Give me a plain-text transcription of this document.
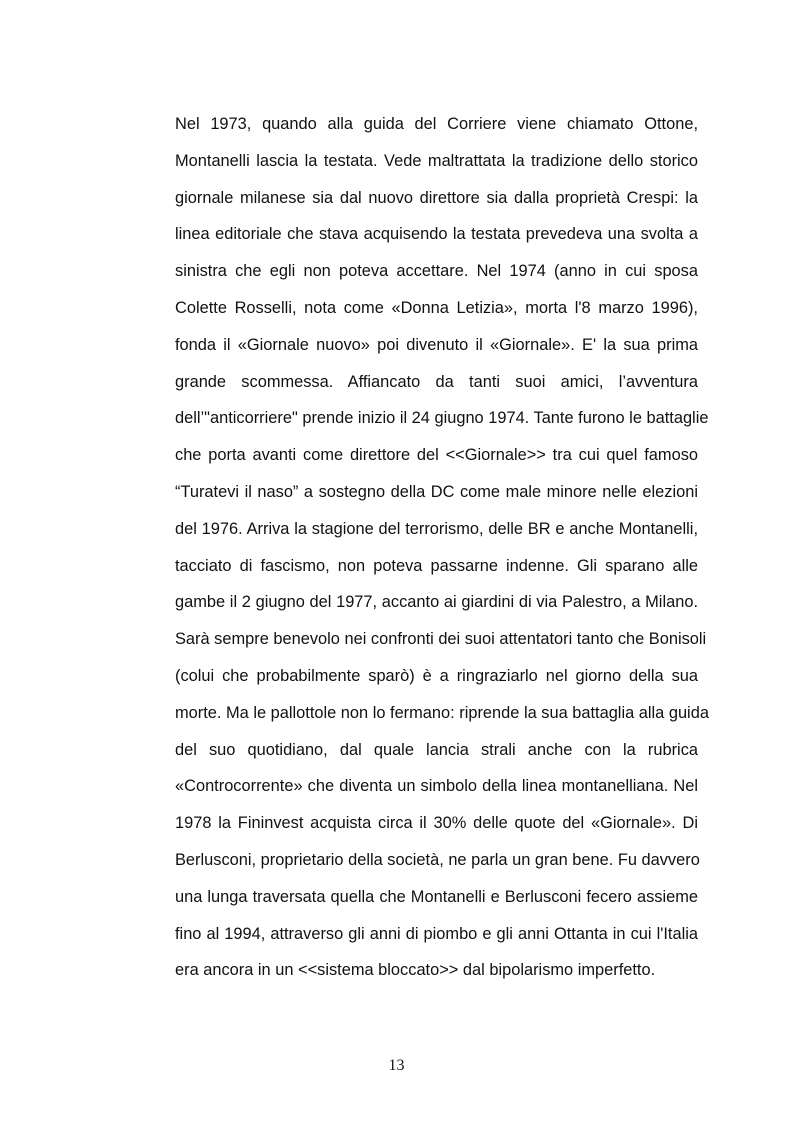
Nel 1973, quando alla guida del Corriere viene chiamato Ottone,
Montanelli lascia la testata. Vede maltrattata la tradizione dello storico
giornale milanese sia dal nuovo direttore sia dalla proprietà Crespi: la
linea editoriale che stava acquisendo la testata prevedeva una svolta a
sinistra che egli non poteva accettare. Nel 1974 (anno in cui sposa
Colette Rosselli, nota come «Donna Letizia», morta l'8 marzo 1996),
fonda il «Giornale nuovo» poi divenuto il «Giornale». E' la sua prima
grande scommessa. Affiancato da tanti suoi amici, l’avventura
dell’"anticorriere" prende inizio il 24 giugno 1974. Tante furono le battaglie
che porta avanti come direttore del <<Giornale>> tra cui quel famoso
“Turatevi il naso” a sostegno della DC come male minore nelle elezioni
del 1976. Arriva la stagione del terrorismo, delle BR e anche Montanelli,
tacciato di fascismo, non poteva passarne indenne. Gli sparano alle
gambe il 2 giugno del 1977, accanto ai giardini di via Palestro, a Milano.
Sarà sempre benevolo nei confronti dei suoi attentatori tanto che Bonisoli
(colui che probabilmente sparò) è a ringraziarlo nel giorno della sua
morte. Ma le pallottole non lo fermano: riprende la sua battaglia alla guida
del suo quotidiano, dal quale lancia strali anche con la rubrica
«Controcorrente» che diventa un simbolo della linea montanelliana. Nel
1978 la Fininvest acquista circa il 30% delle quote del «Giornale». Di
Berlusconi, proprietario della società, ne parla un gran bene. Fu davvero
una lunga traversata quella che Montanelli e Berlusconi fecero assieme
fino al 1994, attraverso gli anni di piombo e gli anni Ottanta in cui l'Italia
era ancora in un <<sistema bloccato>> dal bipolarismo imperfetto.
13
